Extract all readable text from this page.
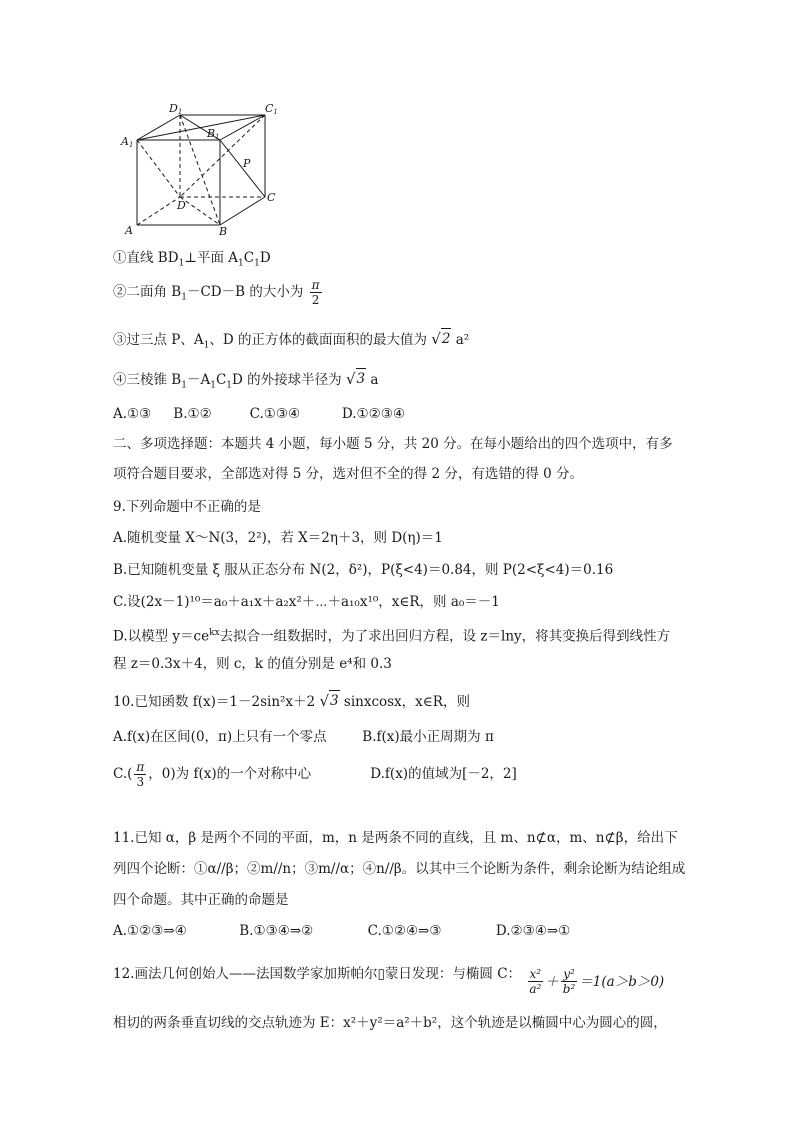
D1	C1
A1
B1
P
D
C
A	B
①直线 $BD_1\perp$平面 $A_1C_1D$
②二面角 $B_1-CD-B$ 的大小为 $\frac{\pi}{2}$
③过三点 P、$A_1$、D 的正方体的截面面积的最大值为 √ 2 a²
④三棱锥 $B_1-A_1C_1D$ 的外接球半径为 √ 3 a
A.①③ B.①②	C.①③④	D.①②③④
二、多项选择题：本题共 4 小题，每小题 5 分，共 20 分。在每小题给出的四个选项中，有多
项符合题目要求，全部选对得 5 分，选对但不全的得 2 分，有选错的得 0 分。
9.下列命题中不正确的是
A.随机变量 X～N(3，2²)，若 X＝2η＋3，则 D(η)＝1
B.已知随机变量 ξ 服从正态分布 N(2，δ²)，P(ξ<4)＝0.84，则 P(2<ξ<4)＝0.16
C.设(2x－1)¹⁰＝a₀＋a₁x＋a₂x²＋⋯＋a₁₀x¹⁰，x∈R，则 a₀＝－1
D.以模型 $y=ce^{kx}$去拟合一组数据时，为了求出回归方程，设 z＝lny，将其变换后得到线性方
程 z＝0.3x＋4，则 c，k 的值分别是 e⁴和 0.3
10.已知函数 f(x)＝1－2sin²x＋2 √ 3 sinxcosx，x∈R，则
A.f(x)在区间(0，π)上只有一个零点	B.f(x)最小正周期为 π
$C.( \frac{\pi}{3}$ ，0)为 f(x)的一个对称中心	D.f(x)的值域为[－2，2]
11.已知 α，β 是两个不同的平面，m，n 是两条不同的直线，且 m、n⊄α，m、n⊄β，给出下
列四个论断：①α//β；②m//n；③m//α；④n//β。以其中三个论断为条件，剩余论断为结论组成
四个命题。其中正确的命题是
A.①②③⇒④	B.①③④⇒②	C.①②④⇒③	D.②③④⇒①
12.画法几何创始人——法国数学家加斯帕尔▯蒙日发现：与椭圆 C： $\frac{\text{x²}}{\text{a²}} + \frac{\text{y²}}{\text{b²}} =1(a>b>0)$
相切的两条垂直切线的交点轨迹为 E：x²＋y²＝a²＋b²，这个轨迹是以椭圆中心为圆心的圆，
